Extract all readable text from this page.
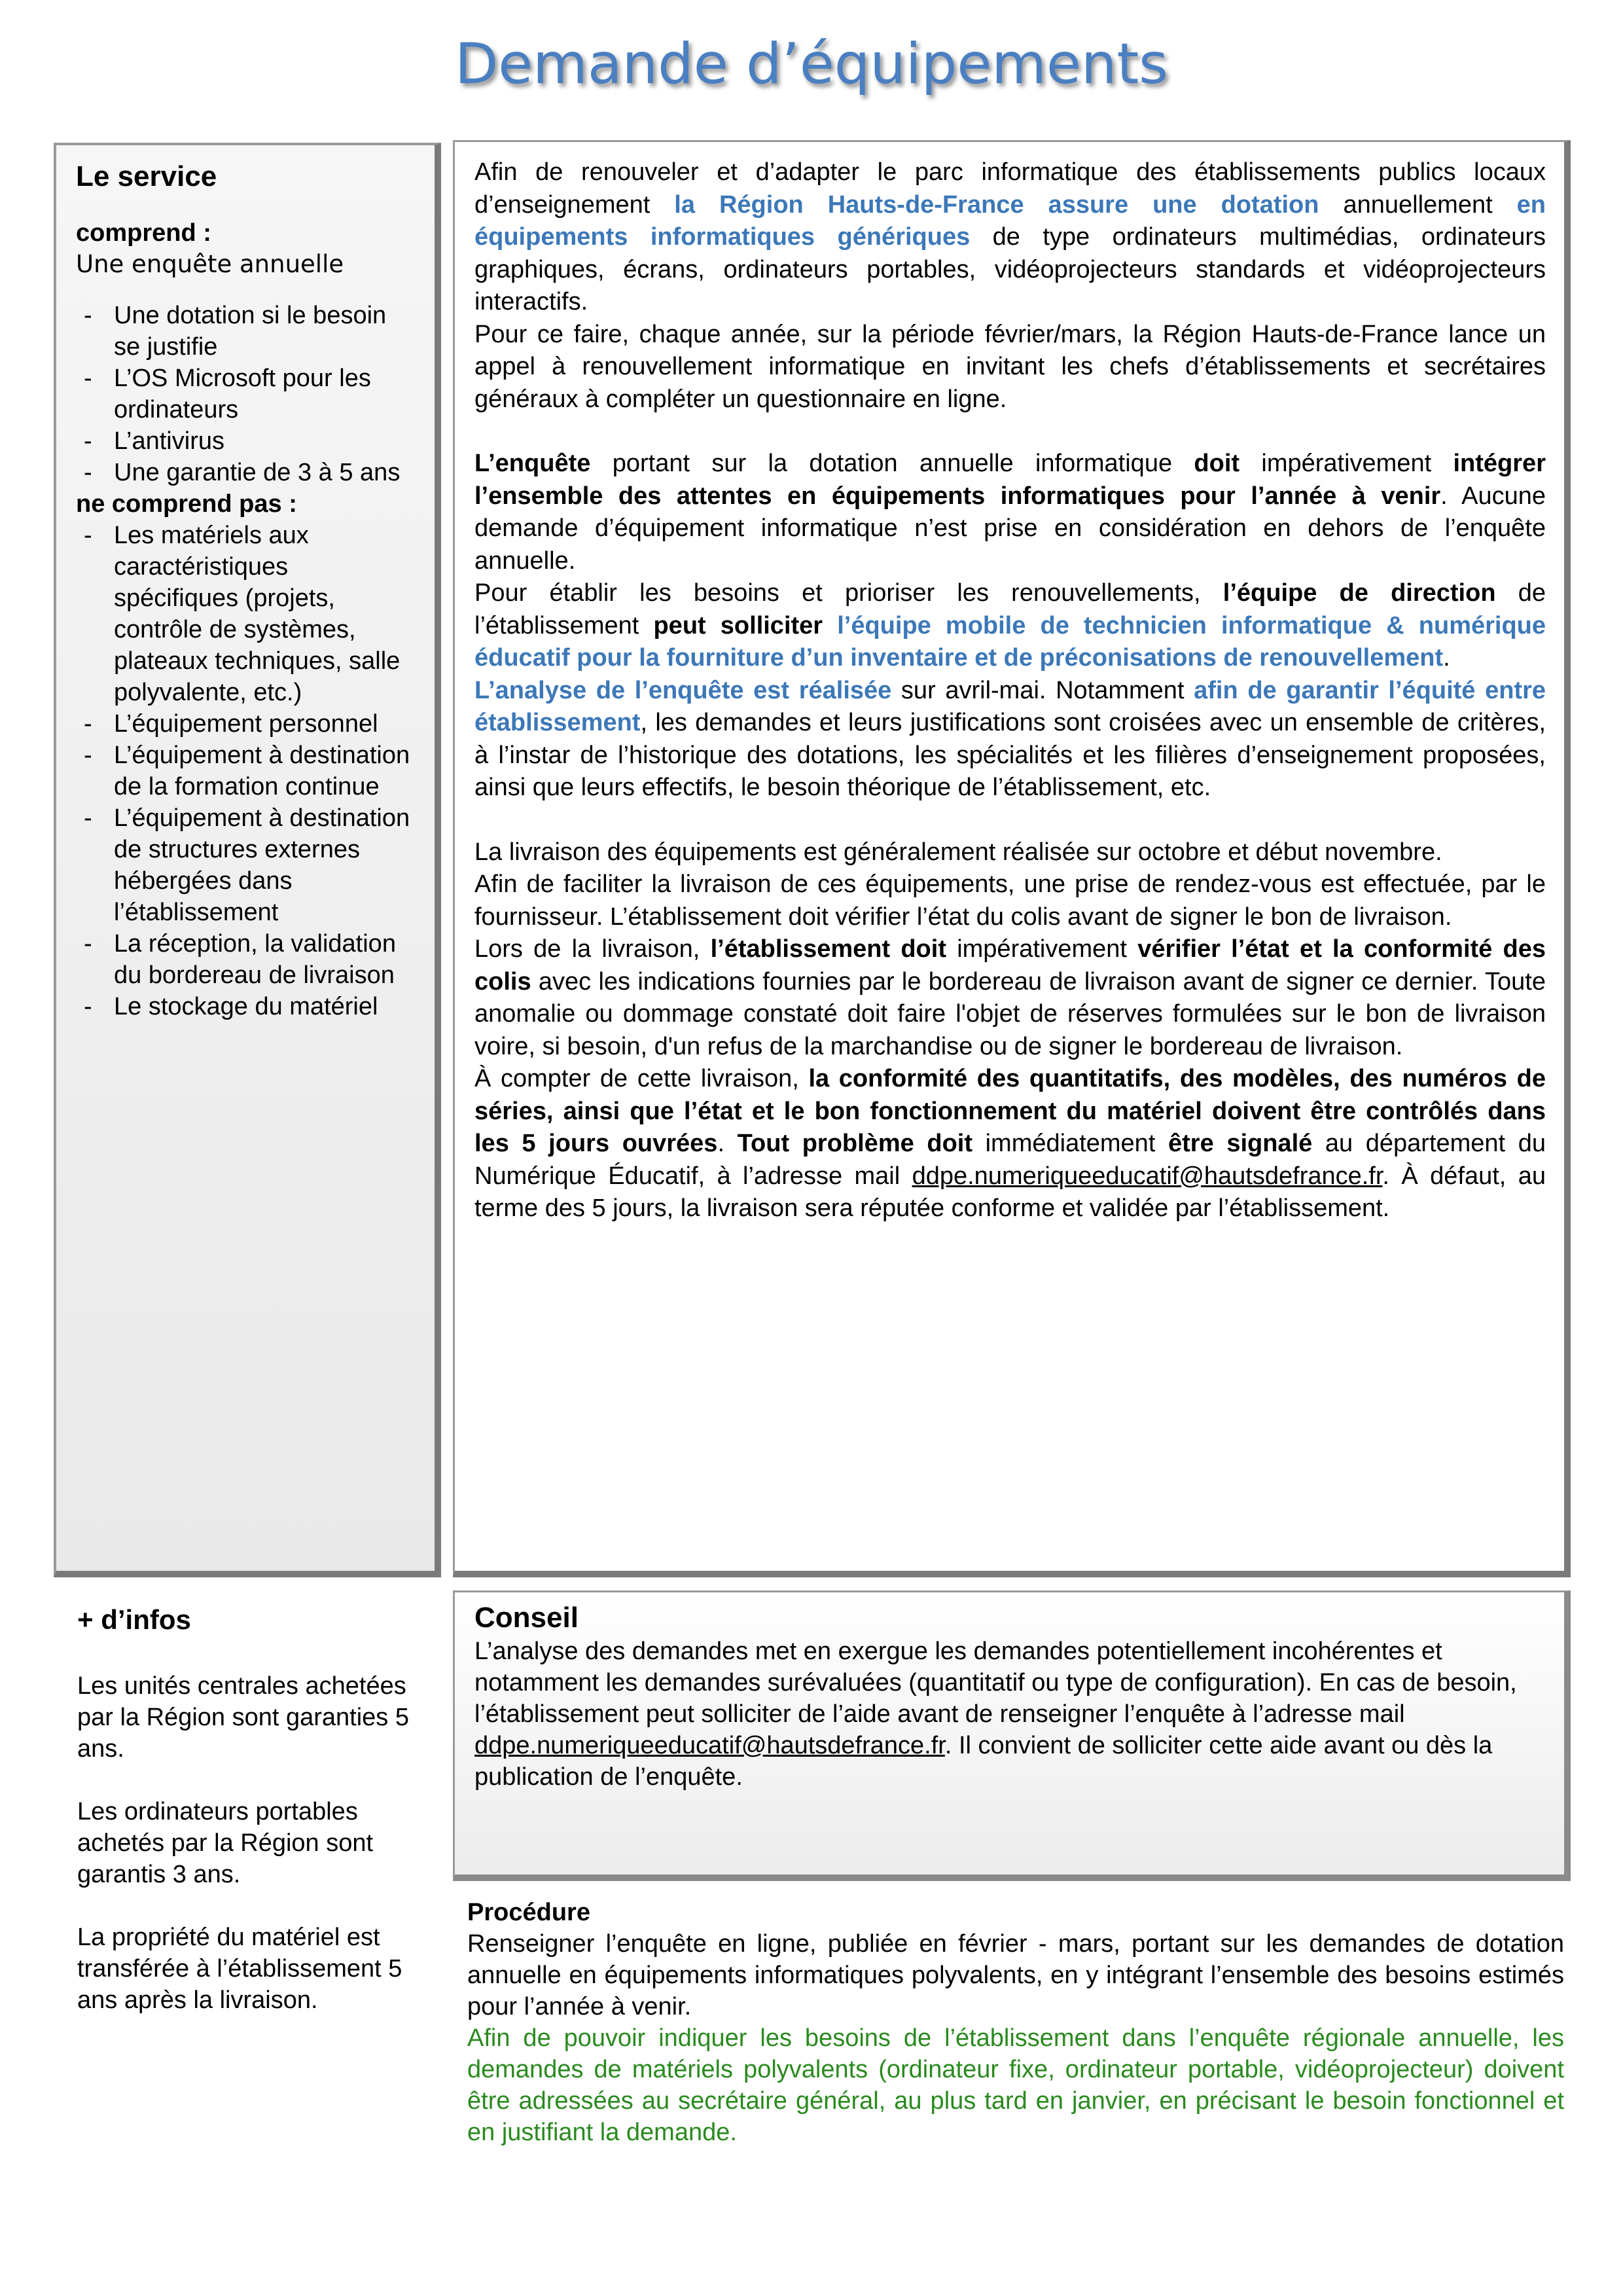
Demande d’équipements
Le service

comprend :

Une enquête annuelle

- Une dotation si le besoin se justifie
- L’OS Microsoft pour les ordinateurs
- L’antivirus
- Une garantie de 3 à 5 ans

ne comprend pas :

- Les matériels aux caractéristiques spécifiques (projets, contrôle de systèmes, plateaux techniques, salle polyvalente, etc.)
- L’équipement personnel
- L’équipement à destination de la formation continue
- L’équipement à destination de structures externes hébergées dans l’établissement
- La réception, la validation du bordereau de livraison
- Le stockage du matériel

Afin de renouveler et d’adapter le parc informatique des établissements publics locaux d’enseignement la Région Hauts-de-France assure une dotation annuellement en équipements informatiques génériques de type ordinateurs multimédias, ordinateurs graphiques, écrans, ordinateurs portables, vidéoprojecteurs standards et vidéoprojecteurs interactifs.

Pour ce faire, chaque année, sur la période février/mars, la Région Hauts-de-France lance un appel à renouvellement informatique en invitant les chefs d’établissements et secrétaires généraux à compléter un questionnaire en ligne.

L’enquête portant sur la dotation annuelle informatique doit impérativement intégrer l’ensemble des attentes en équipements informatiques pour l’année à venir. Aucune demande d’équipement informatique n’est prise en considération en dehors de l’enquête annuelle.

Pour établir les besoins et prioriser les renouvellements, l’équipe de direction de l’établissement peut solliciter l’équipe mobile de technicien informatique & numérique éducatif pour la fourniture d’un inventaire et de préconisations de renouvellement.

L’analyse de l’enquête est réalisée sur avril-mai. Notamment afin de garantir l’équité entre établissement, les demandes et leurs justifications sont croisées avec un ensemble de critères, à l’instar de l’historique des dotations, les spécialités et les filières d’enseignement proposées, ainsi que leurs effectifs, le besoin théorique de l’établissement, etc.

La livraison des équipements est généralement réalisée sur octobre et début novembre.

Afin de faciliter la livraison de ces équipements, une prise de rendez-vous est effectuée, par le fournisseur. L’établissement doit vérifier l’état du colis avant de signer le bon de livraison.

Lors de la livraison, l’établissement doit impérativement vérifier l’état et la conformité des colis avec les indications fournies par le bordereau de livraison avant de signer ce dernier. Toute anomalie ou dommage constaté doit faire l'objet de réserves formulées sur le bon de livraison voire, si besoin, d'un refus de la marchandise ou de signer le bordereau de livraison.

À compter de cette livraison, la conformité des quantitatifs, des modèles, des numéros de séries, ainsi que l’état et le bon fonctionnement du matériel doivent être contrôlés dans les 5 jours ouvrées. Tout problème doit immédiatement être signalé au département du Numérique Éducatif, à l’adresse mail ddpe.numeriqueeducatif@hautsdefrance.fr. À défaut, au terme des 5 jours, la livraison sera réputée conforme et validée par l’établissement.

+ d’infos

Les unités centrales achetées par la Région sont garanties 5 ans.

Les ordinateurs portables achetés par la Région sont garantis 3 ans.

La propriété du matériel est transférée à l’établissement 5 ans après la livraison.

Conseil

L’analyse des demandes met en exergue les demandes potentiellement incohérentes et notamment les demandes surévaluées (quantitatif ou type de configuration). En cas de besoin, l’établissement peut solliciter de l’aide avant de renseigner l’enquête à l’adresse mail ddpe.numeriqueeducatif@hautsdefrance.fr. Il convient de solliciter cette aide avant ou dès la publication de l’enquête.

Procédure

Renseigner l’enquête en ligne, publiée en février - mars, portant sur les demandes de dotation annuelle en équipements informatiques polyvalents, en y intégrant l’ensemble des besoins estimés pour l’année à venir.

Afin de pouvoir indiquer les besoins de l’établissement dans l’enquête régionale annuelle, les demandes de matériels polyvalents (ordinateur fixe, ordinateur portable, vidéoprojecteur) doivent être adressées au secrétaire général, au plus tard en janvier, en précisant le besoin fonctionnel et en justifiant la demande.
